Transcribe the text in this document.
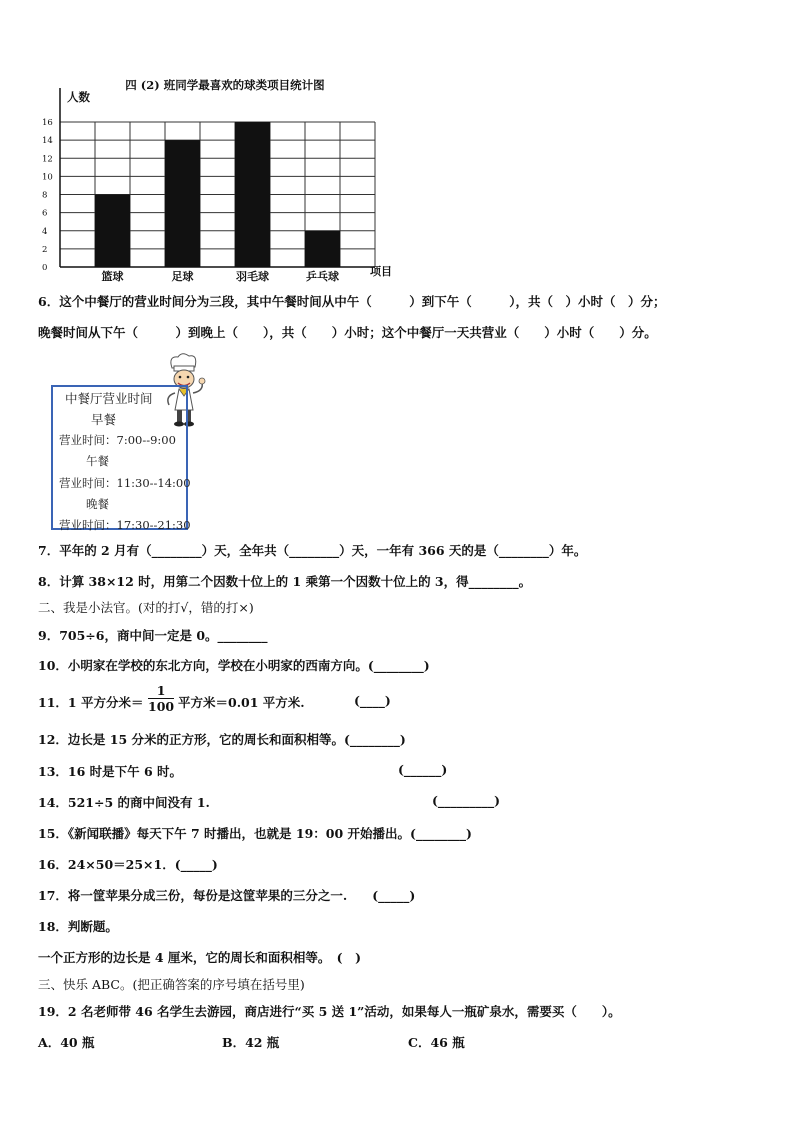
四 (2) 班同学最喜欢的球类项目统计图
人数
项目
0
2
4
6
8
10
12
14
16
篮球	足球	羽毛球	乒乓球
6．这个中餐厅的营业时间分为三段，其中午餐时间从中午（　　　）到下午（　　　），共（　）小时（　）分；
晚餐时间从下午（　　　）到晚上（　　），共（　　）小时；这个中餐厅一天共营业（　　）小时（　　）分。
中餐厅营业时间
早餐
营业时间：7:00--9:00
午餐
营业时间：11:30--14:00
晚餐
营业时间：17:30--21:30
7．平年的 2 月有（________）天，全年共（________）天，一年有 366 天的是（________）年。
8．计算 38×12 时，用第二个因数十位上的 1 乘第一个因数十位上的 3，得________。
二、我是小法官。(对的打√，错的打×)
9．705÷6，商中间一定是 0。________
10．小明家在学校的东北方向，学校在小明家的西南方向。(________)
11．1 平方分米＝ $\frac{1}{100}$ 平方米＝0.01 平方米.	(____)
12．边长是 15 分米的正方形，它的周长和面积相等。(________)
13．16 时是下午 6 时。	(______)
14．521÷5 的商中间没有 1.	(_________)
15．《新闻联播》每天下午 7 时播出，也就是 19：00 开始播出。(________)
16．24×50＝25×1．(_____)
17．将一筐苹果分成三份，每份是这筐苹果的三分之一.　　(_____)
18．判断题。
一个正方形的边长是 4 厘米，它的周长和面积相等。　(　)
三、快乐 ABC。(把正确答案的序号填在括号里)
19．2 名老师带 46 名学生去游园，商店进行“买 5 送 1”活动，如果每人一瓶矿泉水，需要买（　　）。
A．40 瓶	B．42 瓶	C．46 瓶
